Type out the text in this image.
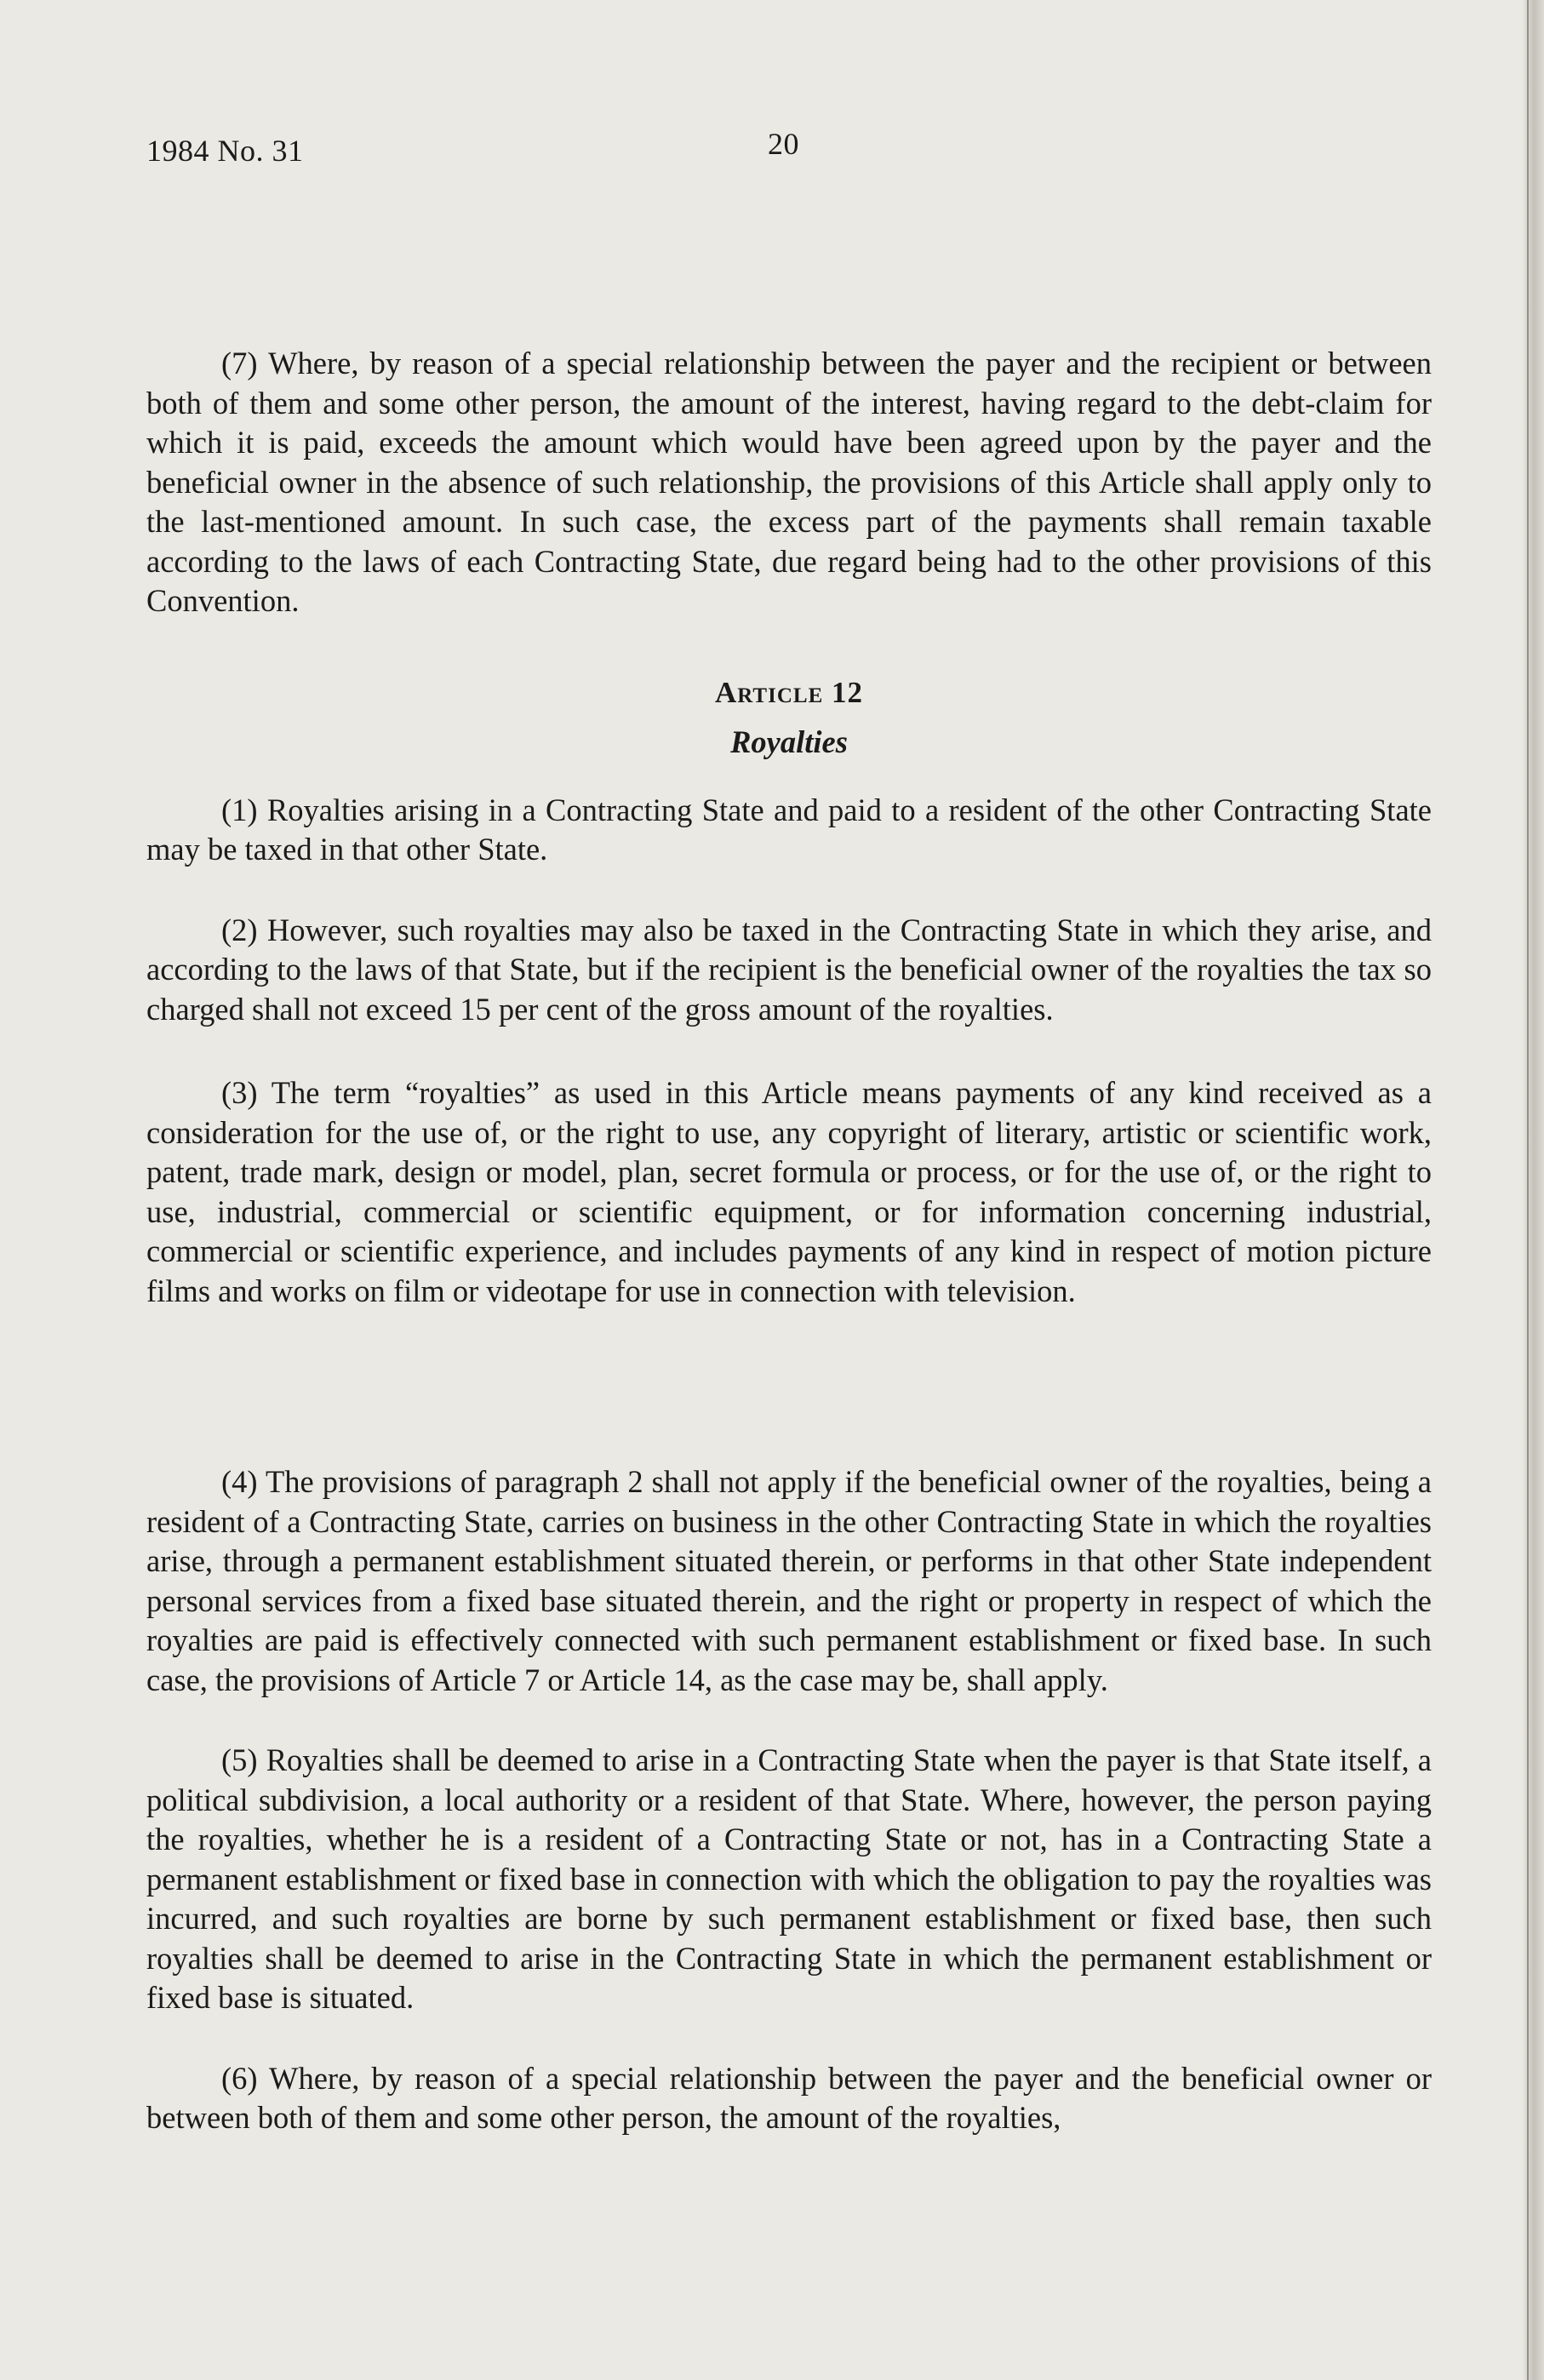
1984 No. 31	20

(7) Where, by reason of a special relationship between the payer and the recipient or between both of them and some other person, the amount of the interest, having regard to the debt-claim for which it is paid, exceeds the amount which would have been agreed upon by the payer and the beneficial owner in the absence of such relationship, the provisions of this Article shall apply only to the last-mentioned amount. In such case, the excess part of the payments shall remain taxable according to the laws of each Contracting State, due regard being had to the other provisions of this Convention.

Article 12
Royalties

(1) Royalties arising in a Contracting State and paid to a resident of the other Contracting State may be taxed in that other State.

(2) However, such royalties may also be taxed in the Contracting State in which they arise, and according to the laws of that State, but if the recipient is the beneficial owner of the royalties the tax so charged shall not exceed 15 per cent of the gross amount of the royalties.

(3) The term “royalties” as used in this Article means payments of any kind received as a consideration for the use of, or the right to use, any copyright of literary, artistic or scientific work, patent, trade mark, design or model, plan, secret formula or process, or for the use of, or the right to use, industrial, commercial or scientific equipment, or for information concerning industrial, commercial or scientific experience, and includes payments of any kind in respect of motion picture films and works on film or videotape for use in connection with television.

(4) The provisions of paragraph 2 shall not apply if the beneficial owner of the royalties, being a resident of a Contracting State, carries on business in the other Contracting State in which the royalties arise, through a permanent establishment situated therein, or performs in that other State independent personal services from a fixed base situated therein, and the right or property in respect of which the royalties are paid is effectively connected with such permanent establishment or fixed base. In such case, the provisions of Article 7 or Article 14, as the case may be, shall apply.

(5) Royalties shall be deemed to arise in a Contracting State when the payer is that State itself, a political subdivision, a local authority or a resident of that State. Where, however, the person paying the royalties, whether he is a resident of a Contracting State or not, has in a Contracting State a permanent establishment or fixed base in connection with which the obligation to pay the royalties was incurred, and such royalties are borne by such permanent establishment or fixed base, then such royalties shall be deemed to arise in the Contracting State in which the permanent establishment or fixed base is situated.

(6) Where, by reason of a special relationship between the payer and the beneficial owner or between both of them and some other person, the amount of the royalties,
